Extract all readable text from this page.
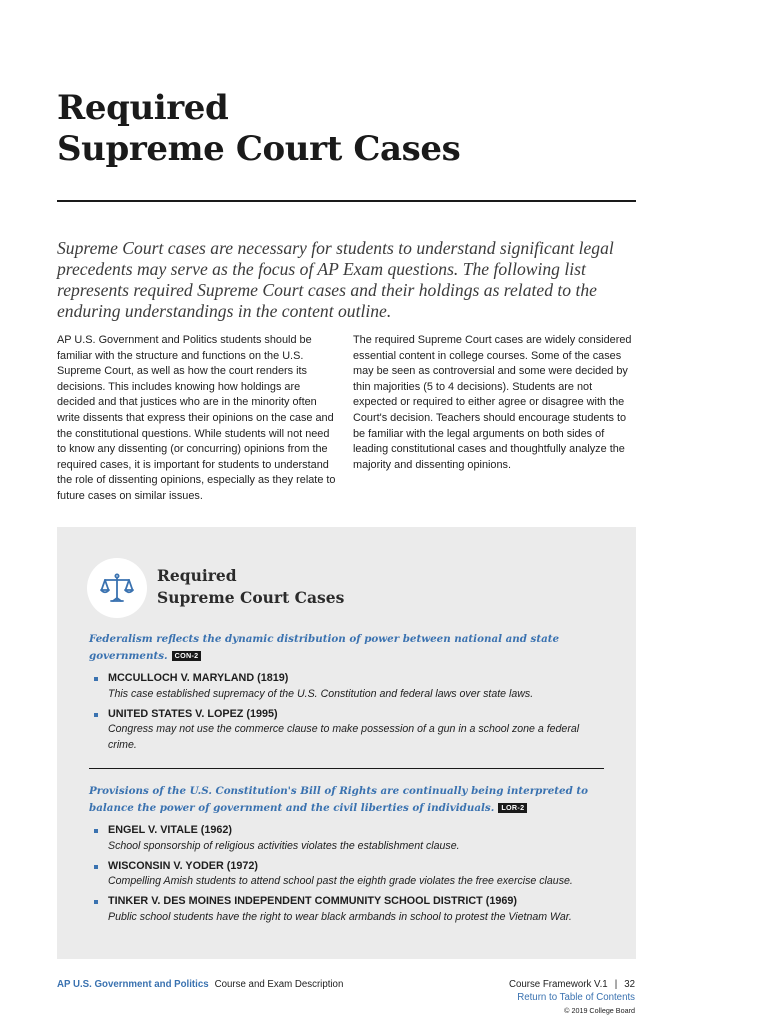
Required
Supreme Court Cases

Supreme Court cases are necessary for students to understand significant legal precedents may serve as the focus of AP Exam questions. The following list represents required Supreme Court cases and their holdings as related to the enduring understandings in the content outline.

AP U.S. Government and Politics students should be familiar with the structure and functions on the U.S. Supreme Court, as well as how the court renders its decisions. This includes knowing how holdings are decided and that justices who are in the minority often write dissents that express their opinions on the case and the constitutional questions. While students will not need to know any dissenting (or concurring) opinions from the required cases, it is important for students to understand the role of dissenting opinions, especially as they relate to future cases on similar issues.

The required Supreme Court cases are widely considered essential content in college courses. Some of the cases may be seen as controversial and some were decided by thin majorities (5 to 4 decisions). Students are not expected or required to either agree or disagree with the Court's decision. Teachers should encourage students to be familiar with the legal arguments on both sides of leading constitutional cases and thoughtfully analyze the majority and dissenting opinions.

Required
Supreme Court Cases

Federalism reflects the dynamic distribution of power between national and state governments. CON-2

MCCULLOCH V. MARYLAND (1819)
This case established supremacy of the U.S. Constitution and federal laws over state laws.
UNITED STATES V. LOPEZ (1995)
Congress may not use the commerce clause to make possession of a gun in a school zone a federal crime.

Provisions of the U.S. Constitution's Bill of Rights are continually being interpreted to balance the power of government and the civil liberties of individuals. LOR-2

ENGEL V. VITALE (1962)
School sponsorship of religious activities violates the establishment clause.
WISCONSIN V. YODER (1972)
Compelling Amish students to attend school past the eighth grade violates the free exercise clause.
TINKER V. DES MOINES INDEPENDENT COMMUNITY SCHOOL DISTRICT (1969)
Public school students have the right to wear black armbands in school to protest the Vietnam War.
AP U.S. Government and Politics Course and Exam Description	Course Framework V.1 | 32
Return to Table of Contents
© 2019 College Board
